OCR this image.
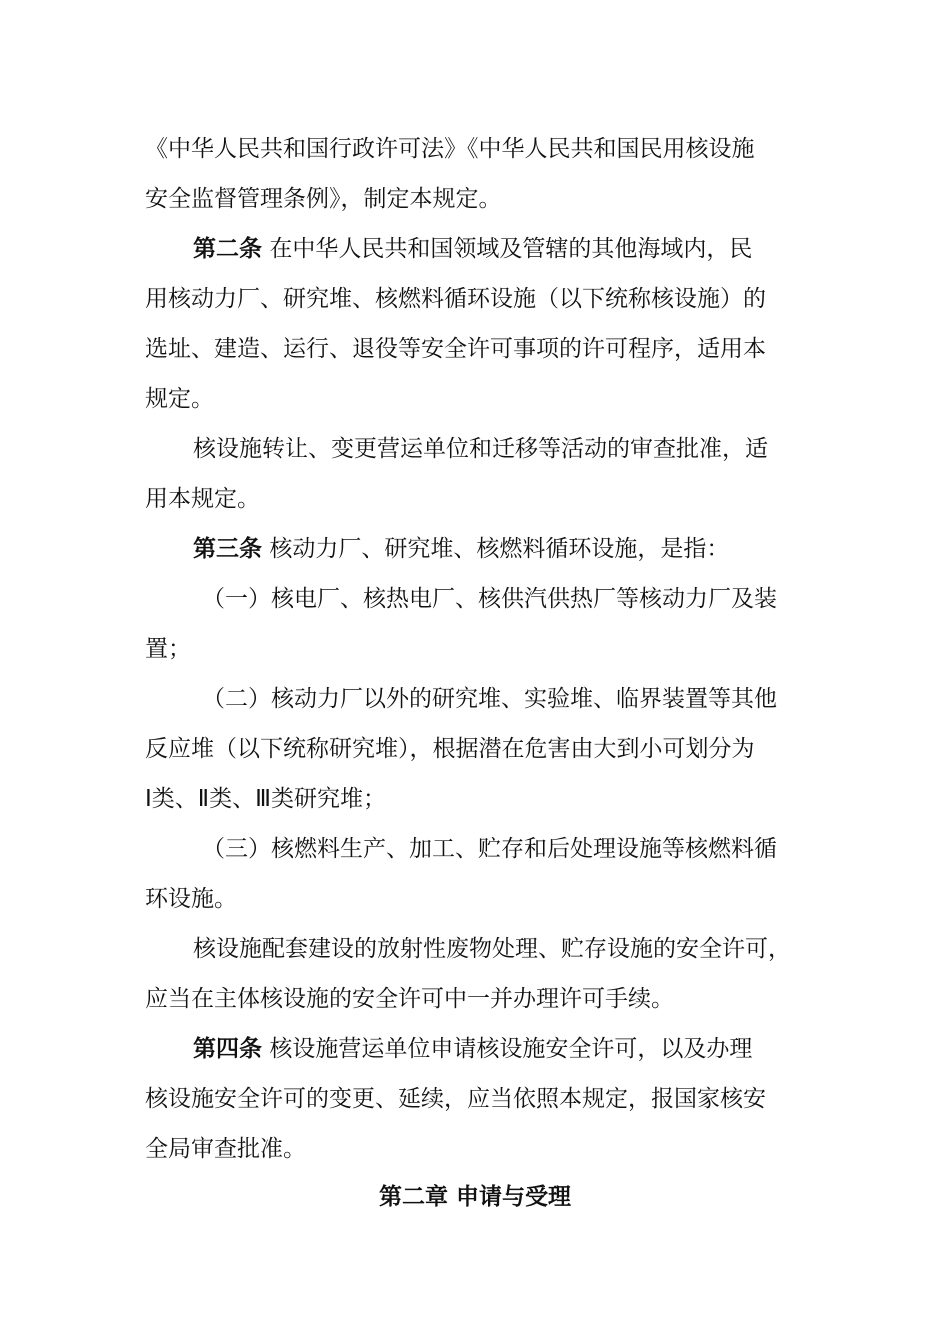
《中华人民共和国行政许可法》《中华人民共和国民用核设施
安全监督管理条例》，制定本规定。
第二条 在中华人民共和国领域及管辖的其他海域内，民
用核动力厂、研究堆、核燃料循环设施（以下统称核设施）的
选址、建造、运行、退役等安全许可事项的许可程序，适用本
规定。
核设施转让、变更营运单位和迁移等活动的审查批准，适
用本规定。
第三条 核动力厂、研究堆、核燃料循环设施，是指：
（一）核电厂、核热电厂、核供汽供热厂等核动力厂及装
置；
（二）核动力厂以外的研究堆、实验堆、临界装置等其他
反应堆（以下统称研究堆），根据潜在危害由大到小可划分为
Ⅰ类、Ⅱ类、Ⅲ类研究堆；
（三）核燃料生产、加工、贮存和后处理设施等核燃料循
环设施。
核设施配套建设的放射性废物处理、贮存设施的安全许可，
应当在主体核设施的安全许可中一并办理许可手续。
第四条 核设施营运单位申请核设施安全许可，以及办理
核设施安全许可的变更、延续，应当依照本规定，报国家核安
全局审查批准。
第二章 申请与受理
